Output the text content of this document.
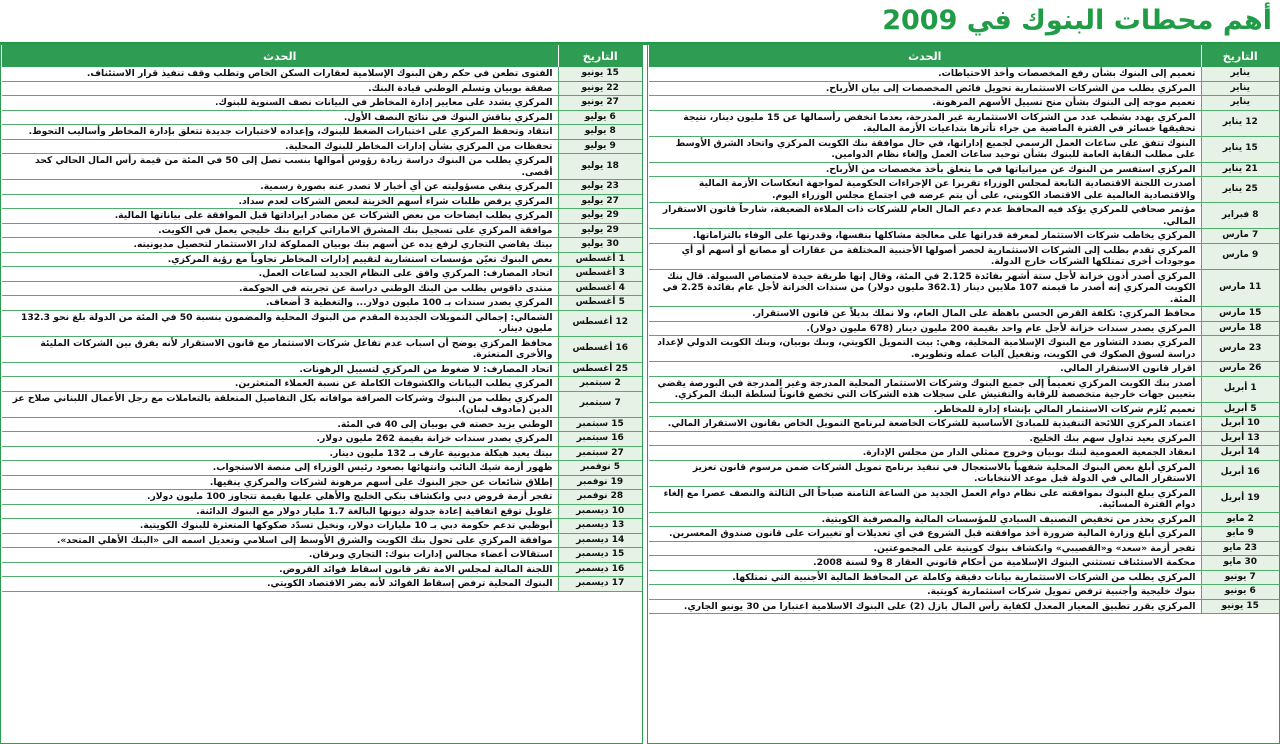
أهم محطات البنوك في 2009
التاريخ	الحدث
يناير	تعميم إلى البنوك بشأن رفع المخصصات وأخذ الاحتياطات.
يناير	المركزي يطلب من الشركات الاستثمارية تحويل فائض المخصصات إلى بيان الأرباح.
يناير	تعميم موجه إلى البنوك بشأن منح تسييل الأسهم المرهونة.
12 يناير	المركزي يهدد بشطب عدد من الشركات الاستثمارية غير المدرجة، بعدما انخفض رأسمالها عن 15 مليون دينار، نتيجة تحقيقها خسائر في الفترة الماضية من جراء تأثرها بتداعيات الأزمة المالية.
15 يناير	البنوك تتفق على ساعات العمل الرسمي لجميع إداراتها، في حال موافقة بنك الكويت المركزي واتحاد الشرق الأوسط على مطلب النقابة العامة للبنوك بشأن توحيد ساعات العمل وإلغاء نظام الدوامين.
21 يناير	المركزي استفسر من البنوك عن ميزانياتها في ما يتعلق بأخذ مخصصات من الأرباح.
25 يناير	أصدرت اللجنة الاقتصادية التابعة لمجلس الوزراء تقريرا عن الإجراءات الحكومية لمواجهة انعكاسات الأزمة المالية والاقتصادية العالمية على الاقتصاد الكويتي، على أن يتم عرضه في اجتماع مجلس الوزراء اليوم.
8 فبراير	مؤتمر صحافي للمركزي يؤكد فيه المحافظ عدم دعم المال العام للشركات ذات الملاءة الضعيفة، شارحاً قانون الاستقرار المالي.
7 مارس	المركزي يخاطب شركات الاستثمار لمعرفة قدراتها على معالجة مشاكلها بنفسها، وقدرتها على الوفاء بالتزاماتها.
9 مارس	المركزي تقدم بطلب إلى الشركات الاستثمارية لحصر أصولها الأجنبية المختلفة من عقارات أو مصانع أو أسهم أو أي موجودات أخرى تمتلكها الشركات خارج الدولة.
11 مارس	المركزي أصدر أذون خزانة لأجل ستة أشهر بفائدة 2.125 في المئة، وقال إنها طريقة جيدة لامتصاص السيولة. قال بنك الكويت المركزي إنه أصدر ما قيمته 107 ملايين دينار (362.1 مليون دولار) من سندات الخزانة لأجل عام بفائدة 2.25 في المئة.
15 مارس	محافظ المركزي: تكلفة القرض الحسن باهظة على المال العام، ولا نملك بديلاً عن قانون الاستقرار.
18 مارس	المركزي يصدر سندات خزانة لأجل عام واحد بقيمة 200 مليون دينار (678 مليون دولار).
23 مارس	المركزي بصدد التشاور مع البنوك الإسلامية المحلية، وهي: بيت التمويل الكويتي، وبنك بوبيان، وبنك الكويت الدولي لإعداد دراسة لسوق الصكوك في الكويت، وتفعيل آليات عمله وتطويره.
26 مارس	اقرار قانون الاستقرار المالي.
1 أبريل	أصدر بنك الكويت المركزي تعميماً إلى جميع البنوك وشركات الاستثمار المحلية المدرجة وغير المدرجة في البورصة يقضي بتعيين جهات خارجية متخصصة للرقابة والتفتيش على سجلات هذه الشركات التي تخضع قانوناً لسلطة البنك المركزي.
5 أبريل	تعميم يُلزم شركات الاستثمار المالي بإنشاء إدارة للمخاطر.
10 أبريل	اعتماد المركزي اللائحة التنفيذية للمبادئ الأساسية للشركات الخاضعة لبرنامج التمويل الخاص بقانون الاستقرار المالي.
13 أبريل	المركزي يعيد تداول سهم بنك الخليج.
14 أبريل	انعقاد الجمعية العمومية لبنك بوبيان وخروج ممثلي الدار من مجلس الإدارة.
16 أبريل	المركزي أبلغ بعض البنوك المحلية شفهياً بالاستعجال في تنفيذ برنامج تمويل الشركات ضمن مرسوم قانون تعزيز الاستقرار المالي في الدولة قبل موعد الانتخابات.
19 أبريل	المركزي يبلغ البنوك بموافقته على نظام دوام العمل الجديد من الساعة الثامنة صباحاً الى الثالثة والنصف عصرا مع إلغاء دوام الفترة المسائية.
2 مايو	المركزي يحذر من تخفيض التصنيف السيادي للمؤسسات المالية والمصرفية الكويتية.
9 مايو	المركزي أبلغ وزارة المالية ضرورة أخذ موافقته قبل الشروع في أي تعديلات أو تغييرات على قانون صندوق المعسرين.
23 مايو	تفجر أزمة «سعد» و«القصيبي» وانكشاف بنوك كويتية على المجموعتين.
30 مايو	محكمة الاستئناف تستثني البنوك الإسلامية من أحكام قانوني العقار 8 و9 لسنة 2008.
7 يونيو	المركزي يطلب من الشركات الاستثمارية بيانات دقيقة وكاملة عن المحافظ المالية الأجنبية التي تمتلكها.
6 يونيو	بنوك خليجية وأجنبية ترفض تمويل شركات استثمارية كويتية.
15 يونيو	المركزي يقرر تطبيق المعيار المعدل لكفاية رأس المال بازل (2) على البنوك الاسلامية اعتبارا من 30 يونيو الجاري.
التاريخ	الحدث
15 يونيو	الفتوى تطعن في حكم رهن البنوك الإسلامية لعقارات السكن الخاص وتطلب وقف تنفيذ قرار الاستئناف.
22 يونيو	صفقة بوبيان وتسلم الوطني قيادة البنك.
27 يونيو	المركزي يشدد على معايير إدارة المخاطر في البيانات نصف السنوية للبنوك.
6 يوليو	المركزي يناقش البنوك في نتائج النصف الأول.
8 يوليو	انتقاد وتحفظ المركزي على اختبارات الضغط للبنوك، وإعداده لاختبارات جديدة تتعلق بإدارة المخاطر وأساليب التحوط.
9 يوليو	تحفظات من المركزي بشأن إدارات المخاطر للبنوك المحلية.
18 يوليو	المركزي يطلب من البنوك دراسة زيادة رؤوس أموالها بنسب تصل إلى 50 في المئة من قيمة رأس المال الحالي كحد أقصى.
23 يوليو	المركزي ينفي مسؤوليته عن أي أخبار لا تصدر عنه بصورة رسمية.
27 يوليو	المركزي يرفض طلبات شراء أسهم الخزينة لبعض الشركات لعدم سداد.
29 يوليو	المركزي يطلب ايضاحات من بعض الشركات عن مصادر ايراداتها قبل الموافقة على بياناتها المالية.
29 يوليو	موافقة المركزي على تسجيل بنك المشرق الاماراتي كرابع بنك خليجي يعمل في الكويت.
30 يوليو	بيتك يقاضي التجاري لرفع يده عن أسهم بنك بوبيان المملوكة لدار الاستثمار لتحصيل مديونيته.
1 أغسطس	بعض البنوك تعيّن مؤسسات استشارية لتقييم إدارات المخاطر تجاوباً مع رؤية المركزي.
3 أغسطس	اتحاد المصارف: المركزي وافق على النظام الجديد لساعات العمل.
4 أغسطس	منتدى داقوس يطلب من البنك الوطني دراسة عن تجربته في الحوكمة.
5 أغسطس	المركزي يصدر سندات بـ 100 مليون دولار... والتغطية 3 أضعاف.
12 أغسطس	الشمالي: إجمالي التمويلات الجديدة المقدم من البنوك المحلية والمضمون بنسبة 50 في المئة من الدولة بلغ نحو 132.3 مليون دينار.
16 أغسطس	محافظ المركزي يوضح أن اسباب عدم تفاعل شركات الاستثمار مع قانون الاستقرار لأنه يفرق بين الشركات المليئة والأخرى المتعثرة.
25 أغسطس	اتحاد المصارف: لا ضغوط من المركزي لتسييل الرهونات.
2 سبتمبر	المركزي يطلب البيانات والكشوفات الكاملة عن نسبة العملاء المتعثرين.
7 سبتمبر	المركزي يطلب من البنوك وشركات الصرافة موافاته بكل التفاصيل المتعلقة بالتعاملات مع رجل الأعمال اللبناني صلاح عز الدين (مادوف لبنان).
15 سبتمبر	الوطني يزيد حصته في بوبيان إلى 40 في المئة.
16 سبتمبر	المركزي يصدر سندات خزانة بقيمة 262 مليون دولار.
27 سبتمبر	بيتك يعيد هيكلة مديونية عارف بـ 132 مليون دينار.
5 نوفمبر	ظهور أزمة شيك النائب وانتهائها بصعود رئيس الوزراء إلى منصة الاستجواب.
19 نوفمبر	إطلاق شائعات عن حجز البنوك على أسهم مرهونة لشركات والمركزي ينفيها.
28 نوفمبر	تفجر أزمة قروض دبي وانكشاف بنكي الخليج والأهلي عليها بقيمة تتجاوز 100 مليون دولار.
10 ديسمبر	غلوبل توقع اتفاقية إعادة جدولة ديونها البالغة 1.7 مليار دولار مع البنوك الدائنة.
13 ديسمبر	أبوظبي تدعم حكومة دبي بـ 10 مليارات دولار، ونخيل تسدّد صكوكها المتعثرة للبنوك الكويتية.
14 ديسمبر	موافقة المركزي على تحول بنك الكويت والشرق الأوسط إلى اسلامي وتعديل اسمه الى «البنك الأهلي المتحد».
15 ديسمبر	استقالات أعضاء مجالس إدارات بنوك: التجاري وبرقان.
16 ديسمبر	اللجنة المالية لمجلس الامة تقر قانون اسقاط فوائد القروض.
17 ديسمبر	البنوك المحلية ترفض إسقاط الفوائد لأنه يضر الاقتصاد الكويتي.
